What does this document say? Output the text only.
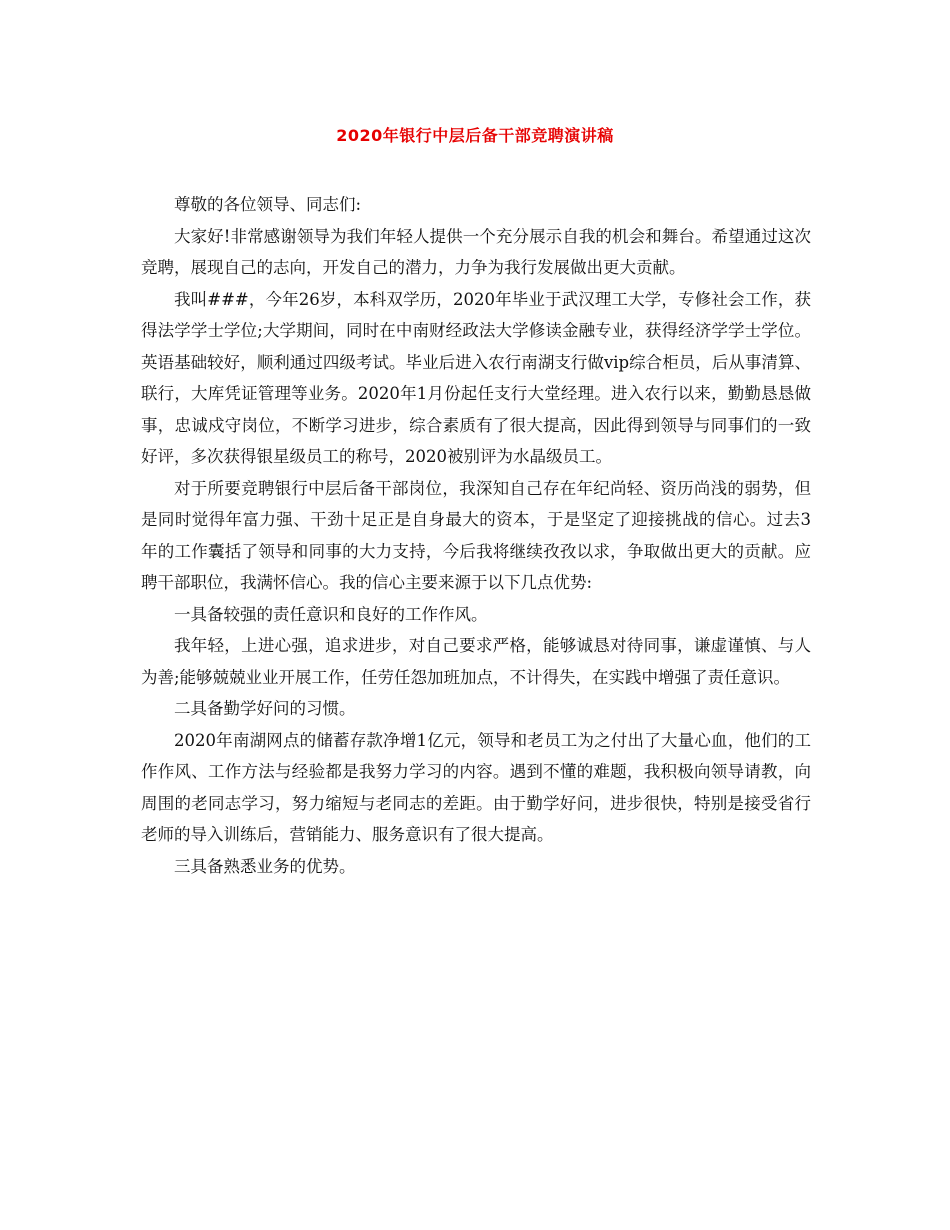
2020年银行中层后备干部竞聘演讲稿

尊敬的各位领导、同志们:

大家好!非常感谢领导为我们年轻人提供一个充分展示自我的机会和舞台。希望通过这次竞聘，展现自己的志向，开发自己的潜力，力争为我行发展做出更大贡献。

我叫###，今年26岁，本科双学历，2020年毕业于武汉理工大学，专修社会工作，获得法学学士学位;大学期间，同时在中南财经政法大学修读金融专业，获得经济学学士学位。英语基础较好，顺利通过四级考试。毕业后进入农行南湖支行做vip综合柜员，后从事清算、联行，大库凭证管理等业务。2020年1月份起任支行大堂经理。进入农行以来，勤勤恳恳做事，忠诚戍守岗位，不断学习进步，综合素质有了很大提高，因此得到领导与同事们的一致好评，多次获得银星级员工的称号，2020被别评为水晶级员工。

对于所要竞聘银行中层后备干部岗位，我深知自己存在年纪尚轻、资历尚浅的弱势，但是同时觉得年富力强、干劲十足正是自身最大的资本，于是坚定了迎接挑战的信心。过去3年的工作囊括了领导和同事的大力支持，今后我将继续孜孜以求，争取做出更大的贡献。应聘干部职位，我满怀信心。我的信心主要来源于以下几点优势:

一具备较强的责任意识和良好的工作作风。

我年轻，上进心强，追求进步，对自己要求严格，能够诚恳对待同事，谦虚谨慎、与人为善;能够兢兢业业开展工作，任劳任怨加班加点，不计得失，在实践中增强了责任意识。

二具备勤学好问的习惯。

2020年南湖网点的储蓄存款净增1亿元，领导和老员工为之付出了大量心血，他们的工作作风、工作方法与经验都是我努力学习的内容。遇到不懂的难题，我积极向领导请教，向周围的老同志学习，努力缩短与老同志的差距。由于勤学好问，进步很快，特别是接受省行老师的导入训练后，营销能力、服务意识有了很大提高。

三具备熟悉业务的优势。
